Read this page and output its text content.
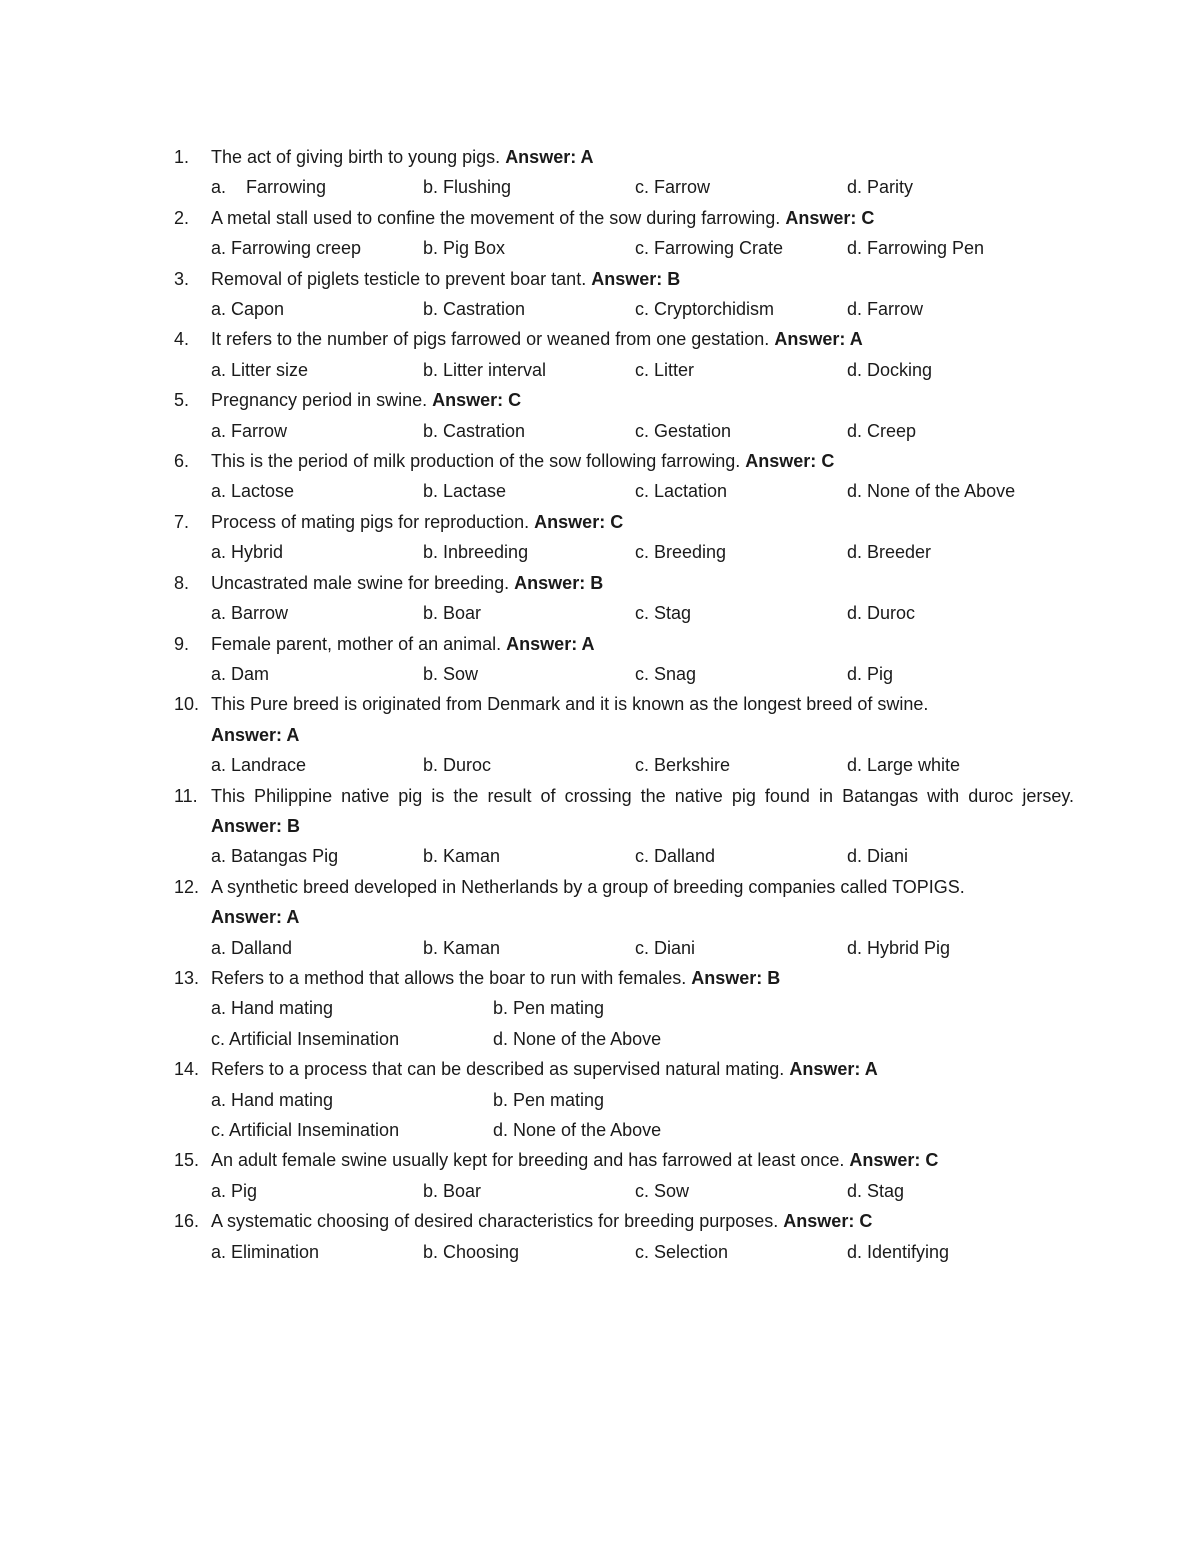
1.	The act of giving birth to young pigs. Answer: A
a.    Farrowing	b. Flushing	c. Farrow	d. Parity
2.	A metal stall used to confine the movement of the sow during farrowing. Answer: C
a. Farrowing creep	b. Pig Box	c. Farrowing Crate	d. Farrowing Pen
3.	Removal of piglets testicle to prevent boar tant. Answer: B
a. Capon	b. Castration	c. Cryptorchidism	d. Farrow
4.	It refers to the number of pigs farrowed or weaned from one gestation. Answer: A
a. Litter size	b. Litter interval	c. Litter	d. Docking
5.	Pregnancy period in swine. Answer: C
a. Farrow	b. Castration	c. Gestation	d. Creep
6.	This is the period of milk production of the sow following farrowing. Answer: C
a. Lactose	b. Lactase	c. Lactation	d. None of the Above
7.	Process of mating pigs for reproduction. Answer: C
a. Hybrid	b. Inbreeding	c. Breeding	d. Breeder
8.	Uncastrated male swine for breeding. Answer: B
a. Barrow	b. Boar	c. Stag	d. Duroc
9.	Female parent, mother of an animal. Answer: A
a. Dam	b. Sow	c. Snag	d. Pig
10. This Pure breed is originated from Denmark and it is known as the longest breed of swine.
Answer: A
a. Landrace	b. Duroc	c. Berkshire	d. Large white
11. This Philippine native pig is the result of crossing the native pig found in Batangas with duroc jersey. Answer: B
a. Batangas Pig	b. Kaman	c. Dalland	d. Diani
12. A synthetic breed developed in Netherlands by a group of breeding companies called TOPIGS.
Answer: A
a. Dalland	b. Kaman	c. Diani	d. Hybrid Pig
13. Refers to a method that allows the boar to run with females. Answer: B
a. Hand mating	b. Pen mating
c. Artificial Insemination	d. None of the Above
14. Refers to a process that can be described as supervised natural mating. Answer: A
a. Hand mating	b. Pen mating
c. Artificial Insemination	d. None of the Above
15. An adult female swine usually kept for breeding and has farrowed at least once. Answer: C
a. Pig	b. Boar	c. Sow	d. Stag
16. A systematic choosing of desired characteristics for breeding purposes. Answer: C
a. Elimination	b. Choosing	c. Selection	d. Identifying
